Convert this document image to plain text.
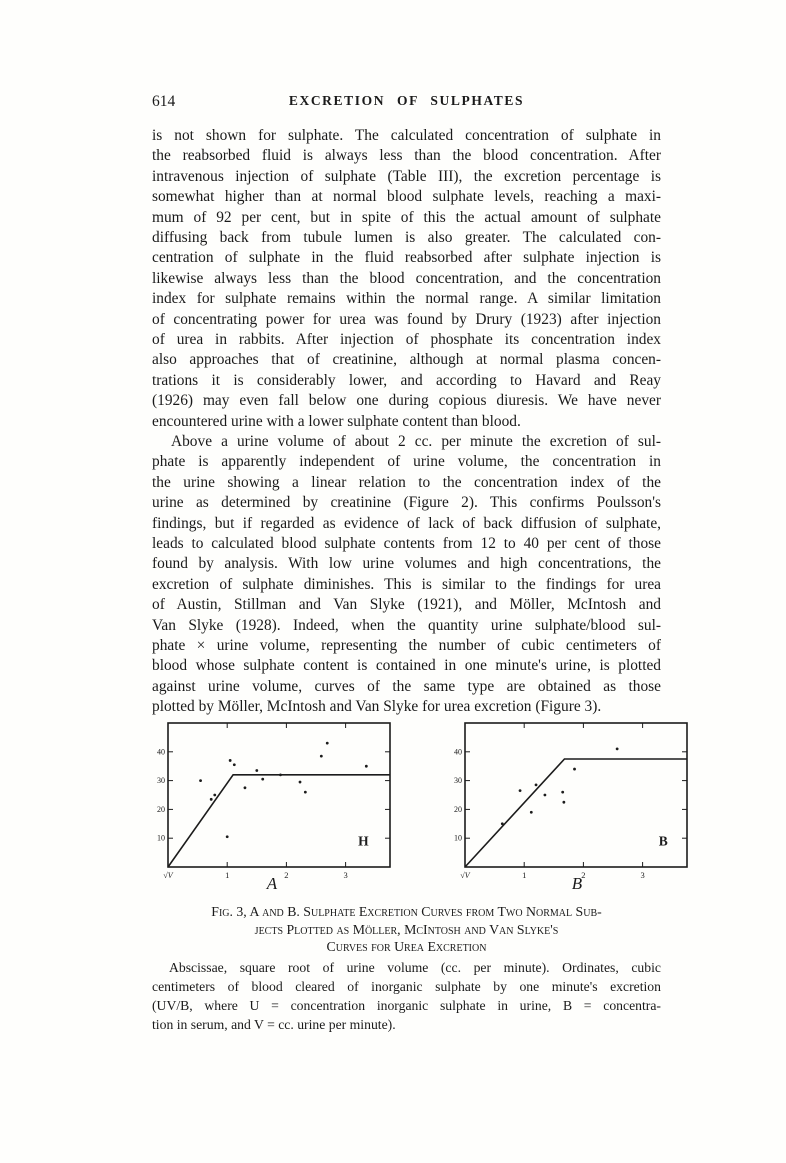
614	EXCRETION OF SULPHATES
is not shown for sulphate. The calculated concentration of sulphate in
the reabsorbed fluid is always less than the blood concentration. After
intravenous injection of sulphate (Table III), the excretion percentage is
somewhat higher than at normal blood sulphate levels, reaching a maxi-
mum of 92 per cent, but in spite of this the actual amount of sulphate
diffusing back from tubule lumen is also greater. The calculated con-
centration of sulphate in the fluid reabsorbed after sulphate injection is
likewise always less than the blood concentration, and the concentration
index for sulphate remains within the normal range. A similar limitation
of concentrating power for urea was found by Drury (1923) after injection
of urea in rabbits. After injection of phosphate its concentration index
also approaches that of creatinine, although at normal plasma concen-
trations it is considerably lower, and according to Havard and Reay
(1926) may even fall below one during copious diuresis. We have never
encountered urine with a lower sulphate content than blood.
Above a urine volume of about 2 cc. per minute the excretion of sul-
phate is apparently independent of urine volume, the concentration in
the urine showing a linear relation to the concentration index of the
urine as determined by creatinine (Figure 2). This confirms Poulsson's
findings, but if regarded as evidence of lack of back diffusion of sulphate,
leads to calculated blood sulphate contents from 12 to 40 per cent of those
found by analysis. With low urine volumes and high concentrations, the
excretion of sulphate diminishes. This is similar to the findings for urea
of Austin, Stillman and Van Slyke (1921), and Möller, McIntosh and
Van Slyke (1928). Indeed, when the quantity urine sulphate/blood sul-
phate × urine volume, representing the number of cubic centimeters of
blood whose sulphate content is contained in one minute's urine, is plotted
against urine volume, curves of the same type are obtained as those
plotted by Möller, McIntosh and Van Slyke for urea excretion (Figure 3).
10
20
30
40
1	2	3
√V
H	10
20
30
40
1	2	3
√V
B
A	B
Fig. 3, A and B. Sulphate Excretion Curves from Two Normal Sub-
jects Plotted as Möller, McIntosh and Van Slyke's
Curves for Urea Excretion
Abscissae, square root of urine volume (cc. per minute). Ordinates, cubic
centimeters of blood cleared of inorganic sulphate by one minute's excretion
(UV/B, where U = concentration inorganic sulphate in urine, B = concentra-
tion in serum, and V = cc. urine per minute).
